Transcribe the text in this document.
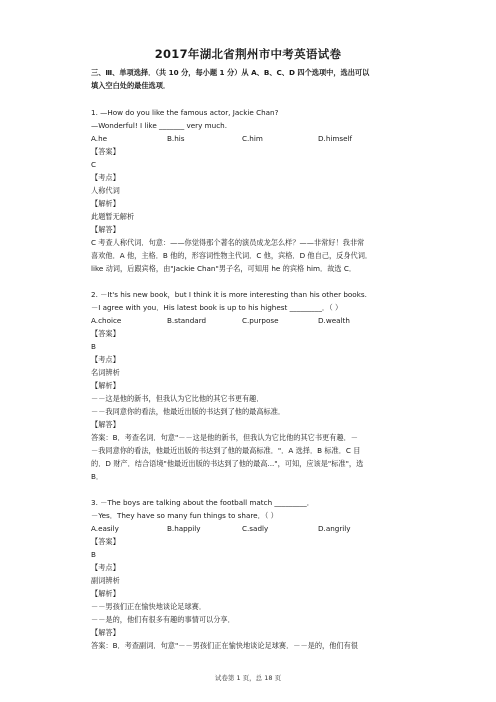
2017年湖北省荆州市中考英语试卷
三、Ⅲ、单项选择．（共 10 分，每小题 1 分）从 A、B、C、D 四个选项中，选出可以
填入空白处的最佳选项．
1. —How do you like the famous actor, Jackie Chan?
—Wonderful! I like _______ very much.
A.he	B.his	C.him	D.himself
【答案】
C
【考点】
人称代词
【解析】
此题暂无解析
【解答】
C 考查人称代词．句意：——你觉得那个著名的演员成龙怎么样？——非常好！我非常
喜欢他．A 他，主格．B 他的，形容词性物主代词．C 他，宾格．D 他自己，反身代词．
like 动词，后跟宾格，由"Jackie Chan"男子名，可知用 he 的宾格 him．故选 C．
2. －It's his new book，but I think it is more interesting than his other books.
－I agree with you．His latest book is up to his highest _________．（ ）
A.choice	B.standard	C.purpose	D.wealth
【答案】
B
【考点】
名词辨析
【解析】
－－这是他的新书，但我认为它比他的其它书更有趣．
－－我同意你的看法，他最近出版的书达到了他的最高标准．
【解答】
答案：B．考查名词．句意"－－这是他的新书，但我认为它比他的其它书更有趣．－
－我同意你的看法，他最近出版的书达到了他的最高标准．"．A 选择．B 标准．C 目
的．D 财产．结合语境"他最近出版的书达到了他的最高..."，可知，应该是"标准"，选
B．
3. －The boys are talking about the football match _________．
－Yes．They have so many fun things to share．（ ）
A.easily	B.happily	C.sadly	D.angrily
【答案】
B
【考点】
副词辨析
【解析】
－－男孩们正在愉快地谈论足球赛．
－－是的，他们有很多有趣的事情可以分享．
【解答】
答案：B．考查副词．句意"－－男孩们正在愉快地谈论足球赛．－－是的，他们有很
试卷第 1 页，总 18 页
